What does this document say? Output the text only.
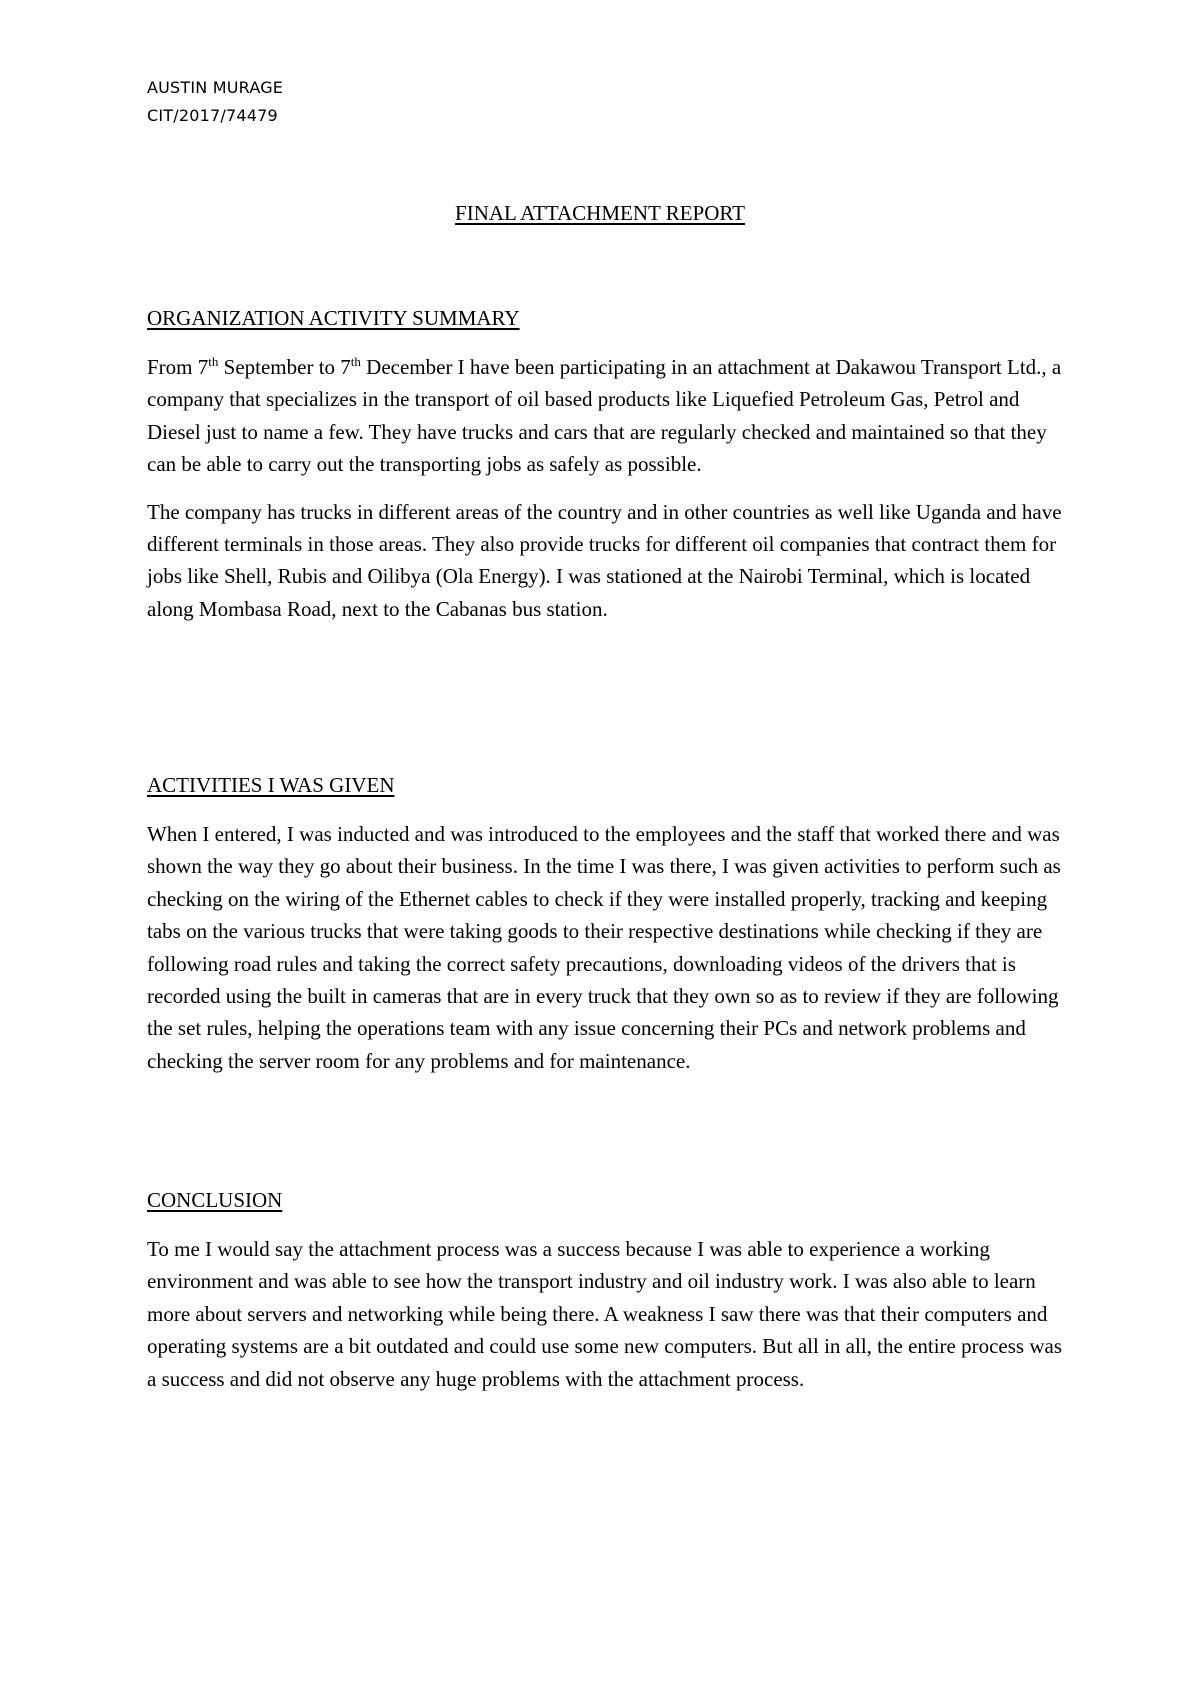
AUSTIN MURAGE
CIT/2017/74479
FINAL ATTACHMENT REPORT
ORGANIZATION ACTIVITY SUMMARY

From 7th September to 7th December I have been participating in an attachment at Dakawou Transport Ltd., a company that specializes in the transport of oil based products like Liquefied Petroleum Gas, Petrol and Diesel just to name a few. They have trucks and cars that are regularly checked and maintained so that they can be able to carry out the transporting jobs as safely as possible.

The company has trucks in different areas of the country and in other countries as well like Uganda and have different terminals in those areas. They also provide trucks for different oil companies that contract them for jobs like Shell, Rubis and Oilibya (Ola Energy). I was stationed at the Nairobi Terminal, which is located along Mombasa Road, next to the Cabanas bus station.

ACTIVITIES I WAS GIVEN

When I entered, I was inducted and was introduced to the employees and the staff that worked there and was shown the way they go about their business. In the time I was there, I was given activities to perform such as checking on the wiring of the Ethernet cables to check if they were installed properly, tracking and keeping tabs on the various trucks that were taking goods to their respective destinations while checking if they are following road rules and taking the correct safety precautions, downloading videos of the drivers that is recorded using the built in cameras that are in every truck that they own so as to review if they are following the set rules, helping the operations team with any issue concerning their PCs and network problems and checking the server room for any problems and for maintenance.

CONCLUSION

To me I would say the attachment process was a success because I was able to experience a working environment and was able to see how the transport industry and oil industry work. I was also able to learn more about servers and networking while being there. A weakness I saw there was that their computers and operating systems are a bit outdated and could use some new computers. But all in all, the entire process was a success and did not observe any huge problems with the attachment process.
